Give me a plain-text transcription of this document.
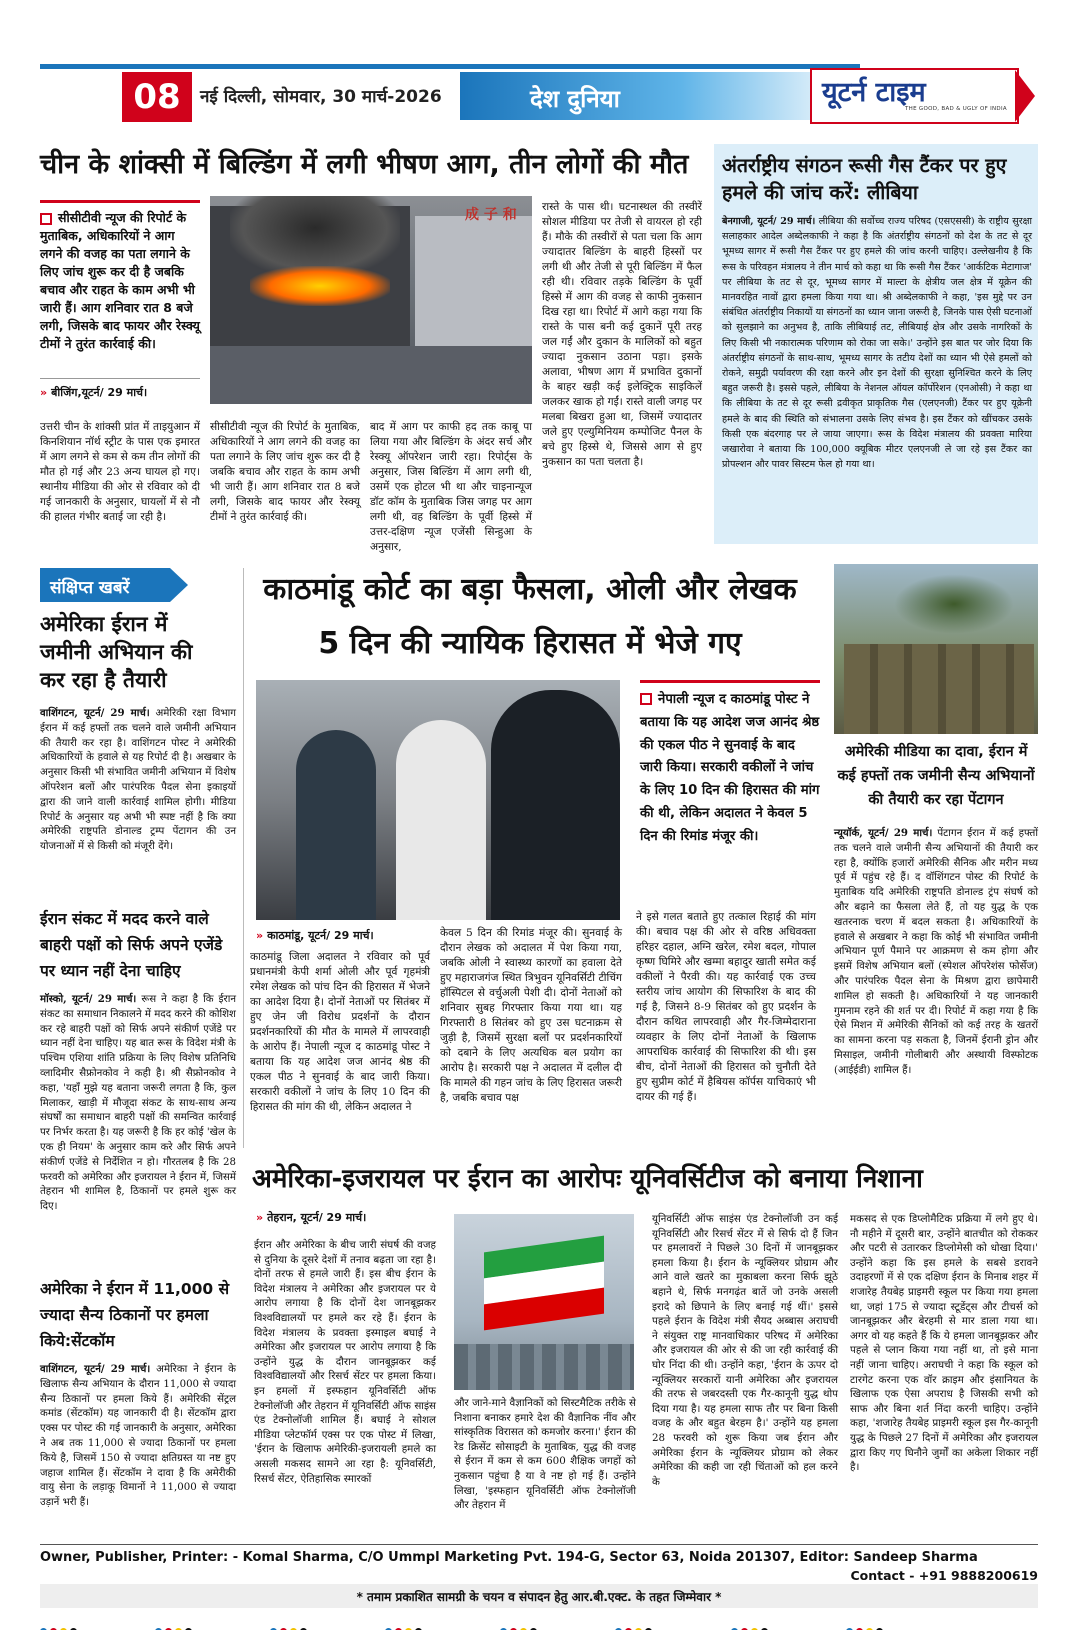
08	नई दिल्ली, सोमवार, 30 मार्च-2026	देश दुनिया	यूटर्न टाइम
THE GOOD, BAD & UGLY OF INDIA
चीन के शांक्सी में बिल्डिंग में लगी भीषण आग, तीन लोगों की मौत

सीसीटीवी न्यूज की रिपोर्ट के मुताबिक, अधिकारियों ने आग लगने की वजह का पता लगाने के लिए जांच शुरू कर दी है जबकि बचाव और राहत के काम अभी भी जारी हैं। आग शनिवार रात 8 बजे लगी, जिसके बाद फायर और रेस्क्यू टीमों ने तुरंत कार्रवाई की।

» बीजिंग,यूटर्न/ 29 मार्च।
成 子 和

उत्तरी चीन के शांक्सी प्रांत में ताइयुआन में किनशियान नॉर्थ स्ट्रीट के पास एक इमारत में आग लगने से कम से कम तीन लोगों की मौत हो गई और 23 अन्य घायल हो गए। स्थानीय मीडिया की ओर से रविवार को दी गई जानकारी के अनुसार, घायलों में से नौ की हालत गंभीर बताई जा रही है।

सीसीटीवी न्यूज की रिपोर्ट के मुताबिक, अधिकारियों ने आग लगने की वजह का पता लगाने के लिए जांच शुरू कर दी है जबकि बचाव और राहत के काम अभी भी जारी हैं। आग शनिवार रात 8 बजे लगी, जिसके बाद फायर और रेस्क्यू टीमों ने तुरंत कार्रवाई की।

बाद में आग पर काफी हद तक काबू पा लिया गया और बिल्डिंग के अंदर सर्च और रेस्क्यू ऑपरेशन जारी रहा। रिपोर्ट्स के अनुसार, जिस बिल्डिंग में आग लगी थी, उसमें एक होटल भी था और चाइनान्यूज डॉट कॉम के मुताबिक जिस जगह पर आग लगी थी, वह बिल्डिंग के पूर्वी हिस्से में उत्तर-दक्षिण न्यूज एजेंसी सिन्हुआ के अनुसार,

रास्ते के पास थी। घटनास्थल की तस्वीरें सोशल मीडिया पर तेजी से वायरल हो रही हैं। मौके की तस्वीरों से पता चला कि आग ज्यादातर बिल्डिंग के बाहरी हिस्सों पर लगी थी और तेजी से पूरी बिल्डिंग में फैल रही थी। रविवार तड़के बिल्डिंग के पूर्वी हिस्से में आग की वजह से काफी नुकसान दिख रहा था। रिपोर्ट में आगे कहा गया कि रास्ते के पास बनी कई दुकानें पूरी तरह जल गईं और दुकान के मालिकों को बहुत ज्यादा नुकसान उठाना पड़ा। इसके अलावा, भीषण आग में प्रभावित दुकानों के बाहर खड़ी कई इलेक्ट्रिक साइकिलें जलकर खाक हो गईं। रास्ते वाली जगह पर मलबा बिखरा हुआ था, जिसमें ज्यादातर जले हुए एल्युमिनियम कम्पोजिट पैनल के बचे हुए हिस्से थे, जिससे आग से हुए नुकसान का पता चलता है।

अंतर्राष्ट्रीय संगठन रूसी गैस टैंकर पर हुए हमले की जांच करें: लीबिया

बेनगाजी, यूटर्न/ 29 मार्च। लीबिया की सर्वोच्च राज्य परिषद (एसएससी) के राष्ट्रीय सुरक्षा सलाहकार आदेल अब्देलकाफी ने कहा है कि अंतर्राष्ट्रीय संगठनों को देश के तट से दूर भूमध्य सागर में रूसी गैस टैंकर पर हुए हमले की जांच करनी चाहिए। उल्लेखनीय है कि रूस के परिवहन मंत्रालय ने तीन मार्च को कहा था कि रूसी गैस टैंकर 'आर्कटिक मेटागाज' पर लीबिया के तट से दूर, भूमध्य सागर में माल्टा के क्षेत्रीय जल क्षेत्र में यूक्रेन की मानवरहित नावों द्वारा हमला किया गया था। श्री अब्देलकाफी ने कहा, 'इस मुद्दे पर उन संबंधित अंतर्राष्ट्रीय निकायों या संगठनों का ध्यान जाना जरूरी है, जिनके पास ऐसी घटनाओं को सुलझाने का अनुभव है, ताकि लीबियाई तट, लीबियाई क्षेत्र और उसके नागरिकों के लिए किसी भी नकारात्मक परिणाम को रोका जा सके।' उन्होंने इस बात पर जोर दिया कि अंतर्राष्ट्रीय संगठनों के साथ-साथ, भूमध्य सागर के तटीय देशों का ध्यान भी ऐसे हमलों को रोकने, समुद्री पर्यावरण की रक्षा करने और इन देशों की सुरक्षा सुनिश्चित करने के लिए बहुत जरूरी है। इससे पहले, लीबिया के नेशनल ऑयल कॉर्पोरेशन (एनओसी) ने कहा था कि लीबिया के तट से दूर रूसी द्रवीकृत प्राकृतिक गैस (एलएनजी) टैंकर पर हुए यूक्रेनी हमले के बाद की स्थिति को संभालना उसके लिए संभव है। इस टैंकर को खींचकर उसके किसी एक बंदरगाह पर ले जाया जाएगा। रूस के विदेश मंत्रालय की प्रवक्ता मारिया जखारोवा ने बताया कि 100,000 क्यूबिक मीटर एलएनजी ले जा रहे इस टैंकर का प्रोपल्शन और पावर सिस्टम फेल हो गया था।

संक्षिप्त खबरें
अमेरिका ईरान में जमीनी अभियान की कर रहा है तैयारी

वाशिंगटन, यूटर्न/ 29 मार्च। अमेरिकी रक्षा विभाग ईरान में कई हफ्तों तक चलने वाले जमीनी अभियान की तैयारी कर रहा है। वाशिंगटन पोस्ट ने अमेरिकी अधिकारियों के हवाले से यह रिपोर्ट दी है। अखबार के अनुसार किसी भी संभावित जमीनी अभियान में विशेष ऑपरेशन बलों और पारंपरिक पैदल सेना इकाइयों द्वारा की जाने वाली कार्रवाई शामिल होगी। मीडिया रिपोर्ट के अनुसार यह अभी भी स्पष्ट नहीं है कि क्या अमेरिकी राष्ट्रपति डोनाल्ड ट्रम्प पेंटागन की उन योजनाओं में से किसी को मंजूरी देंगे।

ईरान संकट में मदद करने वाले बाहरी पक्षों को सिर्फ अपने एजेंडे पर ध्यान नहीं देना चाहिए

मॉस्को, यूटर्न/ 29 मार्च। रूस ने कहा है कि ईरान संकट का समाधान निकालने में मदद करने की कोशिश कर रहे बाहरी पक्षों को सिर्फ अपने संकीर्ण एजेंडे पर ध्यान नहीं देना चाहिए। यह बात रूस के विदेश मंत्री के पश्चिम एशिया शांति प्रक्रिया के लिए विशेष प्रतिनिधि व्लादिमीर सैफ्रोनकोव ने कही है। श्री सैफ्रोनकोव ने कहा, 'यहाँ मुझे यह बताना जरूरी लगता है कि, कुल मिलाकर, खाड़ी में मौजूदा संकट के साथ-साथ अन्य संघर्षों का समाधान बाहरी पक्षों की समन्वित कार्रवाई पर निर्भर करता है। यह जरूरी है कि हर कोई 'खेल के एक ही नियम' के अनुसार काम करे और सिर्फ अपने संकीर्ण एजेंडे से निर्देशित न हो। गौरतलब है कि 28 फरवरी को अमेरिका और इजरायल ने ईरान में, जिसमें तेहरान भी शामिल है, ठिकानों पर हमले शुरू कर दिए।

अमेरिका ने ईरान में 11,000 से ज्यादा सैन्य ठिकानों पर हमला किये:सेंटकॉम

वाशिंगटन, यूटर्न/ 29 मार्च। अमेरिका ने ईरान के खिलाफ सैन्य अभियान के दौरान 11,000 से ज्यादा सैन्य ठिकानों पर हमला किये हैं। अमेरिकी सेंट्रल कमांड (सेंटकॉम) यह जानकारी दी है। सेंटकॉम द्वारा एक्स पर पोस्ट की गई जानकारी के अनुसार, अमेरिका ने अब तक 11,000 से ज्यादा ठिकानों पर हमला किये है, जिसमें 150 से ज्यादा क्षतिग्रस्त या नष्ट हुए जहाज शामिल हैं। सेंटकॉम ने दावा है कि अमेरीकी वायु सेना के लड़ाकू विमानों ने 11,000 से ज्यादा उड़ानें भरी हैं।

काठमांडू कोर्ट का बड़ा फैसला, ओली और लेखक
5 दिन की न्यायिक हिरासत में भेजे गए
» काठमांडू, यूटर्न/ 29 मार्च।

नेपाली न्यूज द काठमांडू पोस्ट ने बताया कि यह आदेश जज आनंद श्रेष्ठ की एकल पीठ ने सुनवाई के बाद जारी किया। सरकारी वकीलों ने जांच के लिए 10 दिन की हिरासत की मांग की थी, लेकिन अदालत ने केवल 5 दिन की रिमांड मंजूर की।

काठमांडू जिला अदालत ने रविवार को पूर्व प्रधानमंत्री केपी शर्मा ओली और पूर्व गृहमंत्री रमेश लेखक को पांच दिन की हिरासत में भेजने का आदेश दिया है। दोनों नेताओं पर सितंबर में हुए जेन जी विरोध प्रदर्शनों के दौरान प्रदर्शनकारियों की मौत के मामले में लापरवाही के आरोप हैं। नेपाली न्यूज द काठमांडू पोस्ट ने बताया कि यह आदेश जज आनंद श्रेष्ठ की एकल पीठ ने सुनवाई के बाद जारी किया। सरकारी वकीलों ने जांच के लिए 10 दिन की हिरासत की मांग की थी, लेकिन अदालत ने

केवल 5 दिन की रिमांड मंजूर की। सुनवाई के दौरान लेखक को अदालत में पेश किया गया, जबकि ओली ने स्वास्थ्य कारणों का हवाला देते हुए महाराजगंज स्थित त्रिभुवन यूनिवर्सिटी टीचिंग हॉस्पिटल से वर्चुअली पेशी दी। दोनों नेताओं को शनिवार सुबह गिरफ्तार किया गया था। यह गिरफ्तारी 8 सितंबर को हुए उस घटनाक्रम से जुड़ी है, जिसमें सुरक्षा बलों पर प्रदर्शनकारियों को दबाने के लिए अत्यधिक बल प्रयोग का आरोप है। सरकारी पक्ष ने अदालत में दलील दी कि मामले की गहन जांच के लिए हिरासत जरूरी है, जबकि बचाव पक्ष

ने इसे गलत बताते हुए तत्काल रिहाई की मांग की। बचाव पक्ष की ओर से वरिष्ठ अधिवक्ता हरिहर दहाल, अग्नि खरेल, रमेश बदल, गोपाल कृष्ण घिमिरे और खम्मा बहादुर खाती समेत कई वकीलों ने पैरवी की। यह कार्रवाई एक उच्च स्तरीय जांच आयोग की सिफारिश के बाद की गई है, जिसने 8-9 सितंबर को हुए प्रदर्शन के दौरान कथित लापरवाही और गैर-जिम्मेदाराना व्यवहार के लिए दोनों नेताओं के खिलाफ आपराधिक कार्रवाई की सिफारिश की थी। इस बीच, दोनों नेताओं की हिरासत को चुनौती देते हुए सुप्रीम कोर्ट में हैबियस कॉर्पस याचिकाएं भी दायर की गई हैं।

अमेरिकी मीडिया का दावा, ईरान में कई हफ्तों तक जमीनी सैन्य अभियानों की तैयारी कर रहा पेंटागन

न्यूयॉर्क, यूटर्न/ 29 मार्च। पेंटागन ईरान में कई हफ्तों तक चलने वाले जमीनी सैन्य अभियानों की तैयारी कर रहा है, क्योंकि हजारों अमेरिकी सैनिक और मरीन मध्य पूर्व में पहुंच रहे हैं। द वॉशिंगटन पोस्ट की रिपोर्ट के मुताबिक यदि अमेरिकी राष्ट्रपति डोनाल्ड ट्रंप संघर्ष को और बढ़ाने का फैसला लेते हैं, तो यह युद्ध के एक खतरनाक चरण में बदल सकता है। अधिकारियों के हवाले से अखबार ने कहा कि कोई भी संभावित जमीनी अभियान पूर्ण पैमाने पर आक्रमण से कम होगा और इसमें विशेष अभियान बलों (स्पेशल ऑपरेशंस फोर्सेज) और पारंपरिक पैदल सेना के मिश्रण द्वारा छापेमारी शामिल हो सकती है। अधिकारियों ने यह जानकारी गुमनाम रहने की शर्त पर दी। रिपोर्ट में कहा गया है कि ऐसे मिशन में अमेरिकी सैनिकों को कई तरह के खतरों का सामना करना पड़ सकता है, जिनमें ईरानी ड्रोन और मिसाइल, जमीनी गोलीबारी और अस्थायी विस्फोटक (आईईडी) शामिल हैं।

अमेरिका-इजरायल पर ईरान का आरोपः यूनिवर्सिटीज को बनाया निशाना
» तेहरान, यूटर्न/ 29 मार्च।

ईरान और अमेरिका के बीच जारी संघर्ष की वजह से दुनिया के दूसरे देशों में तनाव बढ़ता जा रहा है। दोनों तरफ से हमले जारी हैं। इस बीच ईरान के विदेश मंत्रालय ने अमेरिका और इजरायल पर ये आरोप लगाया है कि दोनों देश जानबूझकर विश्वविद्यालयों पर हमले कर रहे हैं। ईरान के विदेश मंत्रालय के प्रवक्ता इस्माइल बघाई ने अमेरिका और इजरायल पर आरोप लगाया है कि उन्होंने युद्ध के दौरान जानबूझकर कई विश्वविद्यालयों और रिसर्च सेंटर पर हमला किया। इन हमलों में इस्फहान यूनिवर्सिटी ऑफ टेक्नोलॉजी और तेहरान में यूनिवर्सिटी ऑफ साइंस एंड टेक्नोलॉजी शामिल हैं। बघाई ने सोशल मीडिया प्लेटफॉर्म एक्स पर एक पोस्ट में लिखा, 'ईरान के खिलाफ अमेरिकी-इजरायली हमले का असली मकसद सामने आ रहा है: यूनिवर्सिटी, रिसर्च सेंटर, ऐतिहासिक स्मारकों

और जाने-माने वैज्ञानिकों को सिस्टमैटिक तरीके से निशाना बनाकर हमारे देश की वैज्ञानिक नींव और सांस्कृतिक विरासत को कमजोर करना।' ईरान की रेड क्रिसेंट सोसाइटी के मुताबिक, युद्ध की वजह से ईरान में कम से कम 600 शैक्षिक जगहों को नुकसान पहुंचा है या वे नष्ट हो गई हैं। उन्होंने लिखा, 'इस्फहान यूनिवर्सिटी ऑफ टेक्नोलॉजी और तेहरान में

यूनिवर्सिटी ऑफ साइंस एंड टेक्नोलॉजी उन कई यूनिवर्सिटी और रिसर्च सेंटर में से सिर्फ दो हैं जिन पर हमलावरों ने पिछले 30 दिनों में जानबूझकर हमला किया है। ईरान के न्यूक्लियर प्रोग्राम और आने वाले खतरे का मुकाबला करना सिर्फ झूठे बहाने थे, सिर्फ मनगढ़ंत बातें जो उनके असली इरादे को छिपाने के लिए बनाई गई थीं।' इससे पहले ईरान के विदेश मंत्री सैयद अब्बास अराघची ने संयुक्त राष्ट्र मानवाधिकार परिषद में अमेरिका और इजरायल की ओर से की जा रही कार्रवाई की घोर निंदा की थी। उन्होंने कहा, 'ईरान के ऊपर दो न्यूक्लियर सरकारों यानी अमेरिका और इजरायल की तरफ से जबरदस्ती एक गैर-कानूनी युद्ध थोप दिया गया है। यह हमला साफ तौर पर बिना किसी वजह के और बहुत बेरहम है।' उन्होंने यह हमला 28 फरवरी को शुरू किया जब ईरान और अमेरिका ईरान के न्यूक्लियर प्रोग्राम को लेकर अमेरिका की कही जा रही चिंताओं को हल करने के

मकसद से एक डिप्लोमैटिक प्रक्रिया में लगे हुए थे। नौ महीने में दूसरी बार, उन्होंने बातचीत को रोककर और पटरी से उतारकर डिप्लोमेसी को धोखा दिया।' उन्होंने कहा कि इस हमले के सबसे डरावने उदाहरणों में से एक दक्षिण ईरान के मिनाब शहर में शजारेह तैयबेह प्राइमरी स्कूल पर किया गया हमला था, जहां 175 से ज्यादा स्टूडेंट्स और टीचर्स को जानबूझकर और बेरहमी से मार डाला गया था। अगर वो यह कहते हैं कि ये हमला जानबूझकर और पहले से प्लान किया गया नहीं था, तो इसे माना नहीं जाना चाहिए। अराघची ने कहा कि स्कूल को टारगेट करना एक वॉर क्राइम और इंसानियत के खिलाफ एक ऐसा अपराध है जिसकी सभी को साफ और बिना शर्त निंदा करनी चाहिए। उन्होंने कहा, 'शजारेह तैयबेह प्राइमरी स्कूल इस गैर-कानूनी युद्ध के पिछले 27 दिनों में अमेरिका और इजरायल द्वारा किए गए घिनौने जुर्मों का अकेला शिकार नहीं है।

Owner, Publisher, Printer: - Komal Sharma, C/O Ummpl Marketing Pvt. 194-G, Sector 63, Noida 201307, Editor: Sandeep Sharma
Contact - +91 9888200619
* तमाम प्रकाशित सामग्री के चयन व संपादन हेतु आर.बी.एक्ट. के तहत जिम्मेवार *
